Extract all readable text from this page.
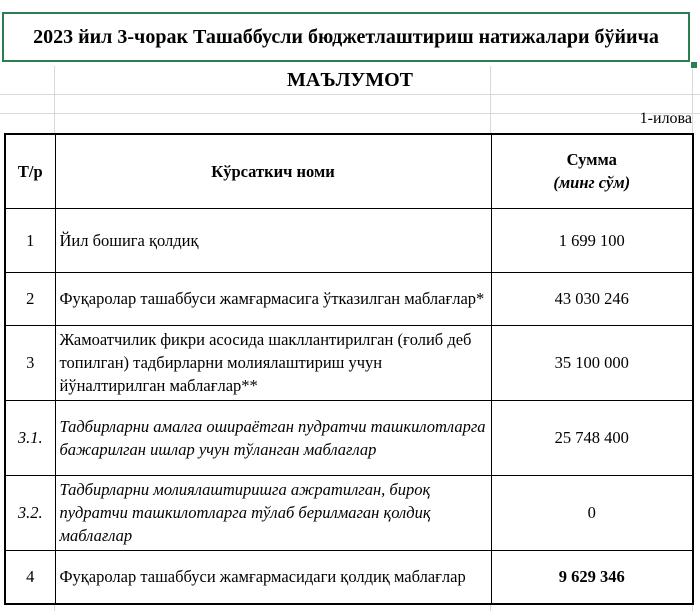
2023 йил 3-чорак Ташаббусли бюджетлаштириш натижалари бўйича
МАЪЛУМОТ
1-илова
Т/р	Кўрсаткич номи	Сумма
(минг сўм)

1	Йил бошига қолдиқ	1 699 100
2	Фуқаролар ташаббуси жамғармасига ўтказилган маблағлар*	43 030 246
3	Жамоатчилик фикри асосида шакллантирилган (ғолиб деб топилган) тадбирларни молиялаштириш учун йўналтирилган маблағлар**	35 100 000
3.1.	Тадбирларни амалга ошираётган пудратчи ташкилотларга бажарилган ишлар учун тўланган маблағлар	25 748 400
3.2.	Тадбирларни молиялаштиришга ажратилган, бироқ пудратчи ташкилотларга тўлаб берилмаган қолдиқ маблағлар	0
4	Фуқаролар ташаббуси жамғармасидаги қолдиқ маблағлар	9 629 346
